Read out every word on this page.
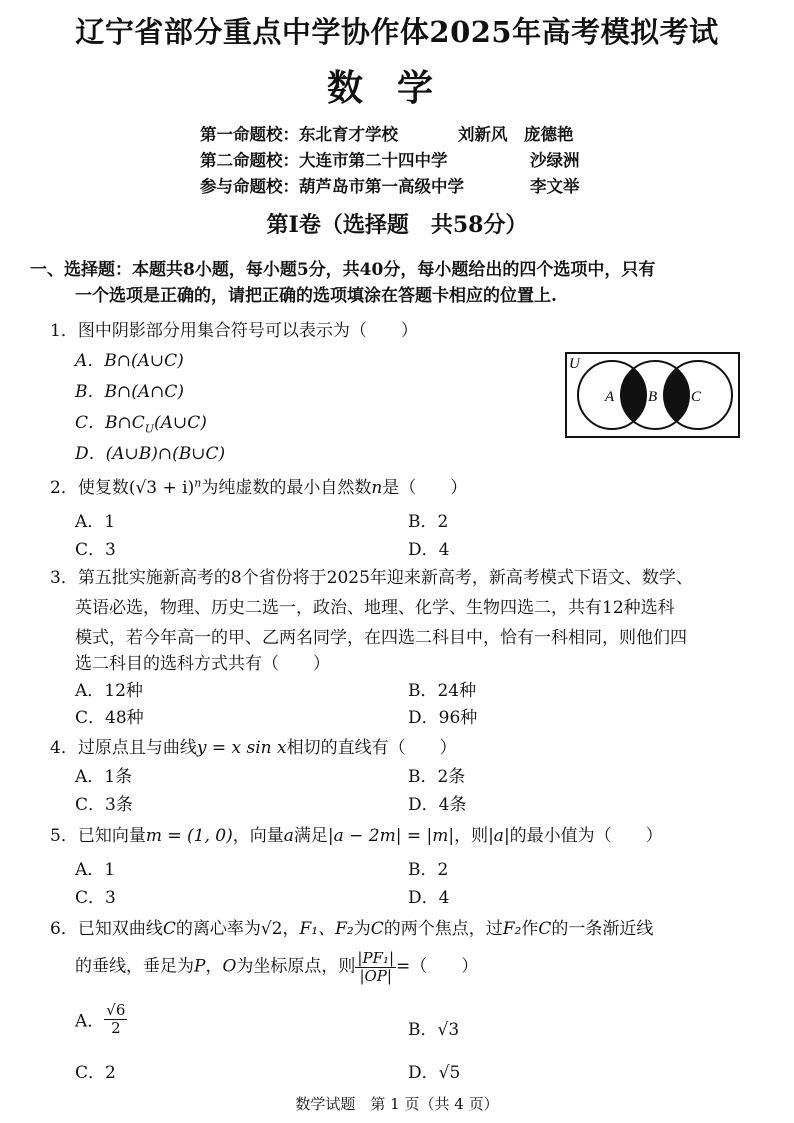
辽宁省部分重点中学协作体2025年高考模拟考试
数学
第一命题校：东北育才学校	刘新风　庞德艳
第二命题校：大连市第二十四中学	沙绿洲
参与命题校：葫芦岛市第一高级中学	李文举
第Ⅰ卷（选择题　共58分）
一、选择题：本题共8小题，每小题5分，共40分，每小题给出的四个选项中，只有
一个选项是正确的，请把正确的选项填涂在答题卡相应的位置上.
1．图中阴影部分用集合符号可以表示为（　　）
A．B∩(A∪C)
B．B∩(A∩C)
C．$B\cap C_U(A\cup C)$
D．(A∪B)∩(B∪C)
U
A B C
2．使复数$(√3 + i)^n$为纯虚数的最小自然数n是（　　）
A．1	B．2
C．3	D．4
3．第五批实施新高考的8个省份将于2025年迎来新高考，新高考模式下语文、数学、
英语必选，物理、历史二选一，政治、地理、化学、生物四选二，共有12种选科
模式，若今年高一的甲、乙两名同学，在四选二科目中，恰有一科相同，则他们四
选二科目的选科方式共有（　　）
A．12种	B．24种
C．48种	D．96种
4．过原点且与曲线y = x sin x相切的直线有（　　）
A．1条	B．2条
C．3条	D．4条
5．已知向量m = (1, 0)，向量a满足|a − 2m| = |m|，则|a|的最小值为（　　）
A．1	B．2
C．3	D．4
6．已知双曲线C的离心率为√2，F₁、F₂为C的两个焦点，过F₂作C的一条渐近线
的垂线，垂足为P，O为坐标原点，则 $\frac{\text{|PF₁|}}{|OP|}$ =（　　）
A． $\frac{√6}{2}$	B．√3
C．2	D．√5
数学试题　第 1 页（共 4 页）
